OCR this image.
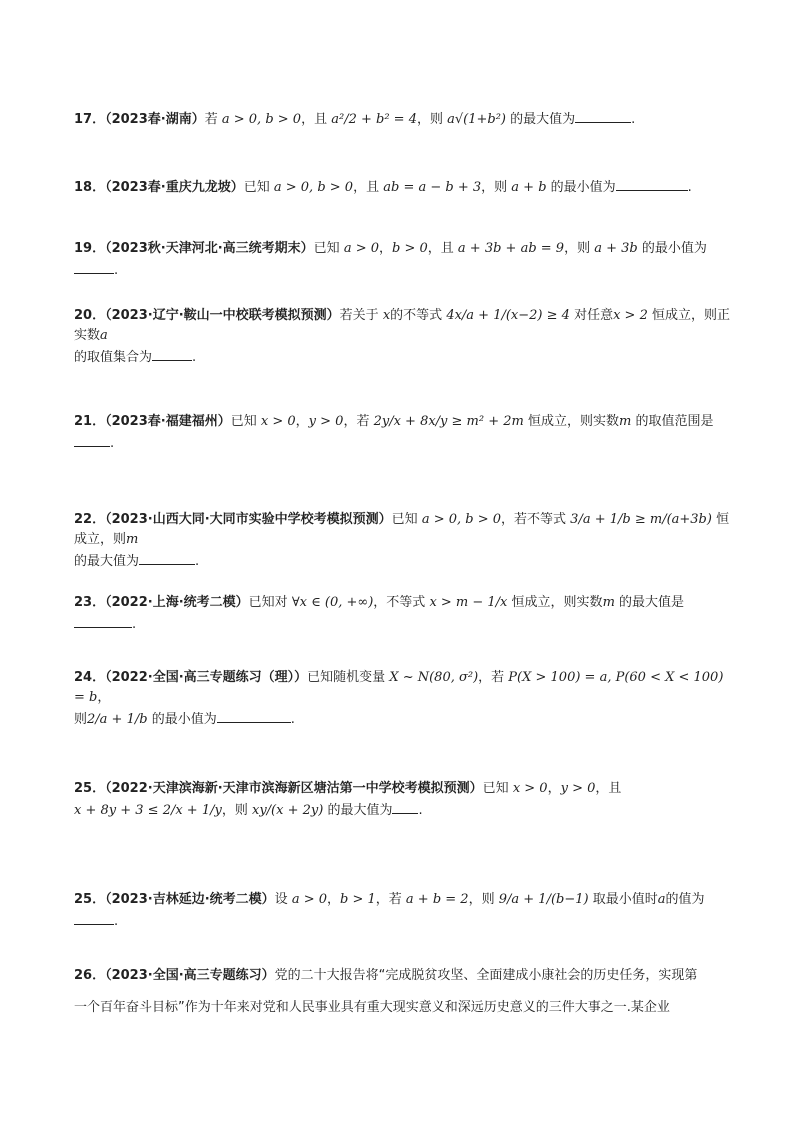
17．（2023春·湖南）若 a > 0, b > 0，且 a²/2 + b² = 4，则 a√(1+b²) 的最大值为	.
18．（2023春·重庆九龙坡）已知 a > 0, b > 0，且 ab = a − b + 3，则 a + b 的最小值为	.
19．（2023秋·天津河北·高三统考期末）已知 a > 0，b > 0，且 a + 3b + ab = 9，则 a + 3b 的最小值为.
20．（2023·辽宁·鞍山一中校联考模拟预测）若关于 x的不等式 4x/a + 1/(x−2) ≥ 4 对任意x > 2 恒成立，则正实数a
的取值集合为	.
21．（2023春·福建福州）已知 x > 0，y > 0，若 2y/x + 8x/y ≥ m² + 2m 恒成立，则实数m 的取值范围是.
22．（2023·山西大同·大同市实验中学校考模拟预测）已知 a > 0, b > 0，若不等式 3/a + 1/b ≥ m/(a+3b) 恒成立，则m
的最大值为	.
23．（2022·上海·统考二模）已知对 ∀x ∈ (0, +∞)，不等式 x > m − 1/x 恒成立，则实数m 的最大值是.
24．（2022·全国·高三专题练习（理））已知随机变量 X ~ N(80, σ²)，若 P(X > 100) = a, P(60 < X < 100) = b，
则2/a + 1/b 的最小值为	.
25．（2022·天津滨海新·天津市滨海新区塘沽第一中学校考模拟预测）已知 x > 0，y > 0，且
x + 8y + 3 ≤ 2/x + 1/y，则 xy/(x + 2y) 的最大值为 .
25．（2023·吉林延边·统考二模）设 a > 0，b > 1，若 a + b = 2，则 9/a + 1/(b−1) 取最小值时a的值为.
26．（2023·全国·高三专题练习）党的二十大报告将“完成脱贫攻坚、全面建成小康社会的历史任务，实现第
一个百年奋斗目标”作为十年来对党和人民事业具有重大现实意义和深远历史意义的三件大事之一.某企业
